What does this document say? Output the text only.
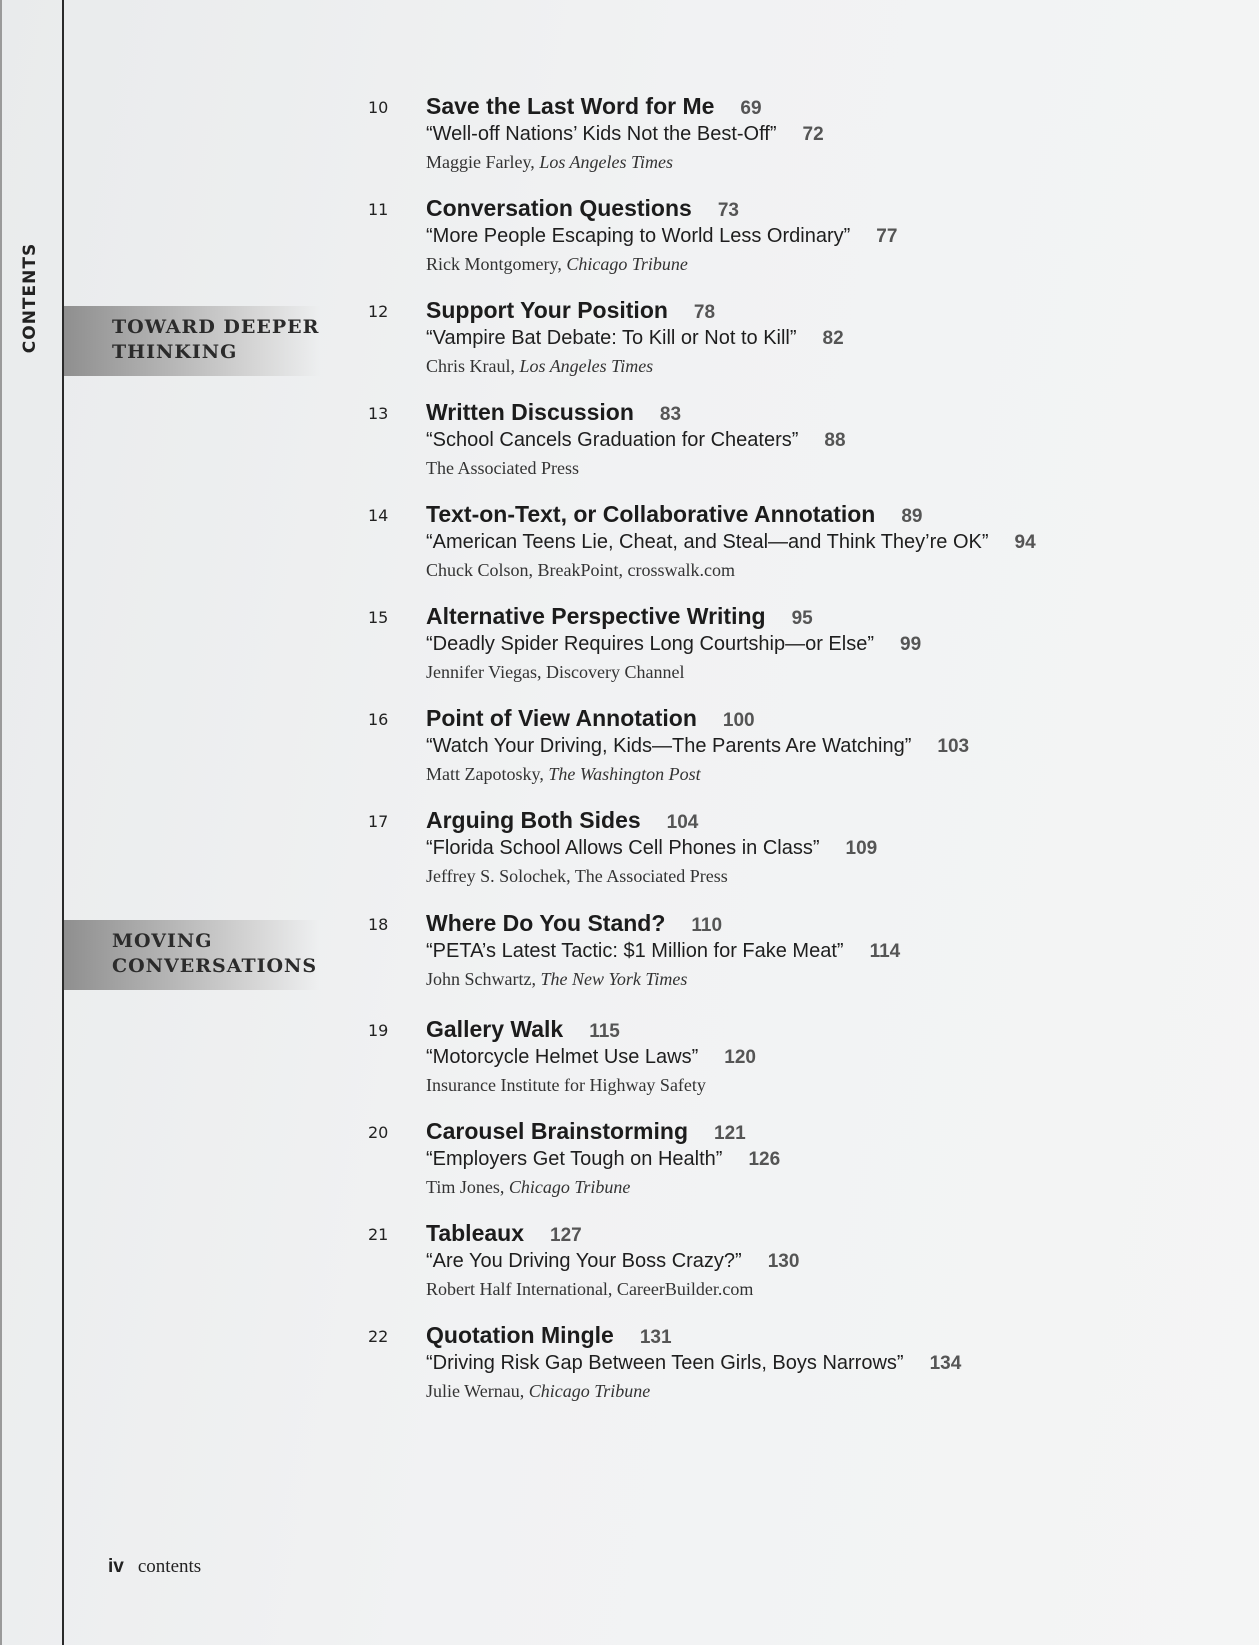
CONTENTS	TOWARD DEEPER
THINKING
MOVING
CONVERSATIONS
10 Save the Last Word for Me 69
“Well-off Nations’ Kids Not the Best-Off” 72
Maggie Farley, Los Angeles Times
11 Conversation Questions 73
“More People Escaping to World Less Ordinary” 77
Rick Montgomery, Chicago Tribune
12 Support Your Position 78
“Vampire Bat Debate: To Kill or Not to Kill” 82
Chris Kraul, Los Angeles Times
13 Written Discussion 83
“School Cancels Graduation for Cheaters” 88
The Associated Press
14 Text-on-Text, or Collaborative Annotation 89
“American Teens Lie, Cheat, and Steal—and Think They’re OK” 94
Chuck Colson, BreakPoint, crosswalk.com
15 Alternative Perspective Writing 95
“Deadly Spider Requires Long Courtship—or Else” 99
Jennifer Viegas, Discovery Channel
16 Point of View Annotation 100
“Watch Your Driving, Kids—The Parents Are Watching” 103
Matt Zapotosky, The Washington Post
17 Arguing Both Sides 104
“Florida School Allows Cell Phones in Class” 109
Jeffrey S. Solochek, The Associated Press
18 Where Do You Stand? 110
“PETA’s Latest Tactic: $1 Million for Fake Meat” 114
John Schwartz, The New York Times
19 Gallery Walk 115
“Motorcycle Helmet Use Laws” 120
Insurance Institute for Highway Safety
20 Carousel Brainstorming 121
“Employers Get Tough on Health” 126
Tim Jones, Chicago Tribune
21 Tableaux 127
“Are You Driving Your Boss Crazy?” 130
Robert Half International, CareerBuilder.com
22 Quotation Mingle 131
“Driving Risk Gap Between Teen Girls, Boys Narrows” 134
Julie Wernau, Chicago Tribune
iv contents
